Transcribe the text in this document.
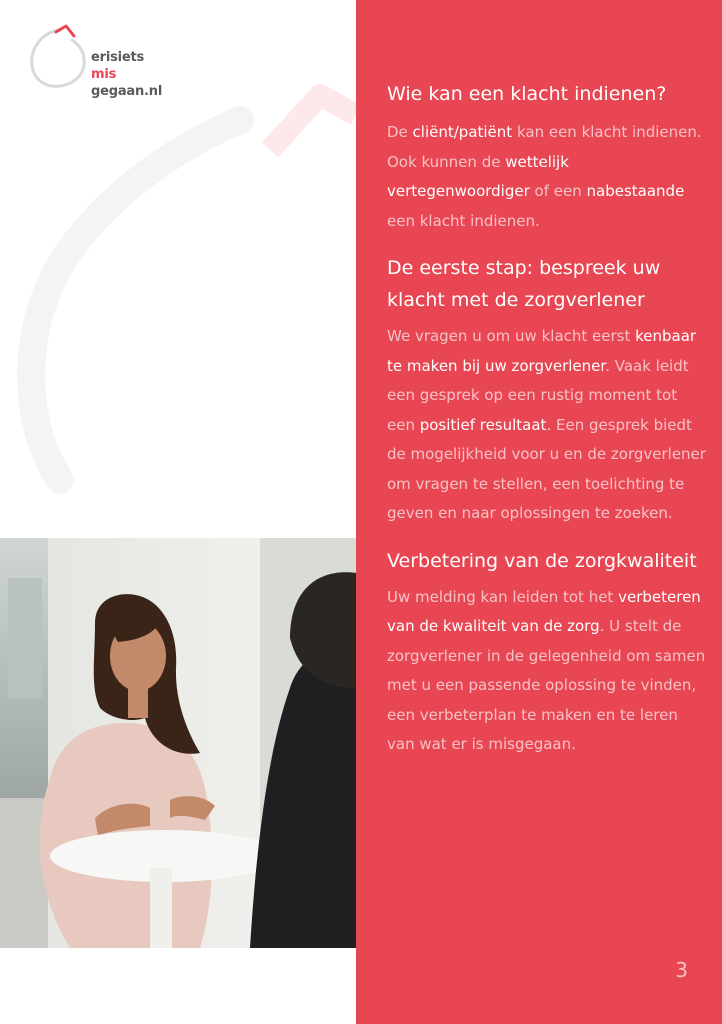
erisiets
mis
gegaan.nl	Wie kan een klacht indienen?

De cliënt/patiënt kan een klacht indienen. Ook kunnen de wettelijk vertegenwoordiger of een nabestaande een klacht indienen.

De eerste stap: bespreek uw klacht met de zorgverlener

We vragen u om uw klacht eerst kenbaar te maken bij uw zorgverlener. Vaak leidt een gesprek op een rustig moment tot een positief resultaat. Een gesprek biedt de mogelijkheid voor u en de zorgverlener om vragen te stellen, een toelichting te geven en naar oplossingen te zoeken.

Verbetering van de zorgkwaliteit

Uw melding kan leiden tot het verbeteren van de kwaliteit van de zorg. U stelt de zorgverlener in de gelegenheid om samen met u een passende oplossing te vinden, een verbeterplan te maken en te leren van wat er is misgegaan.

3
